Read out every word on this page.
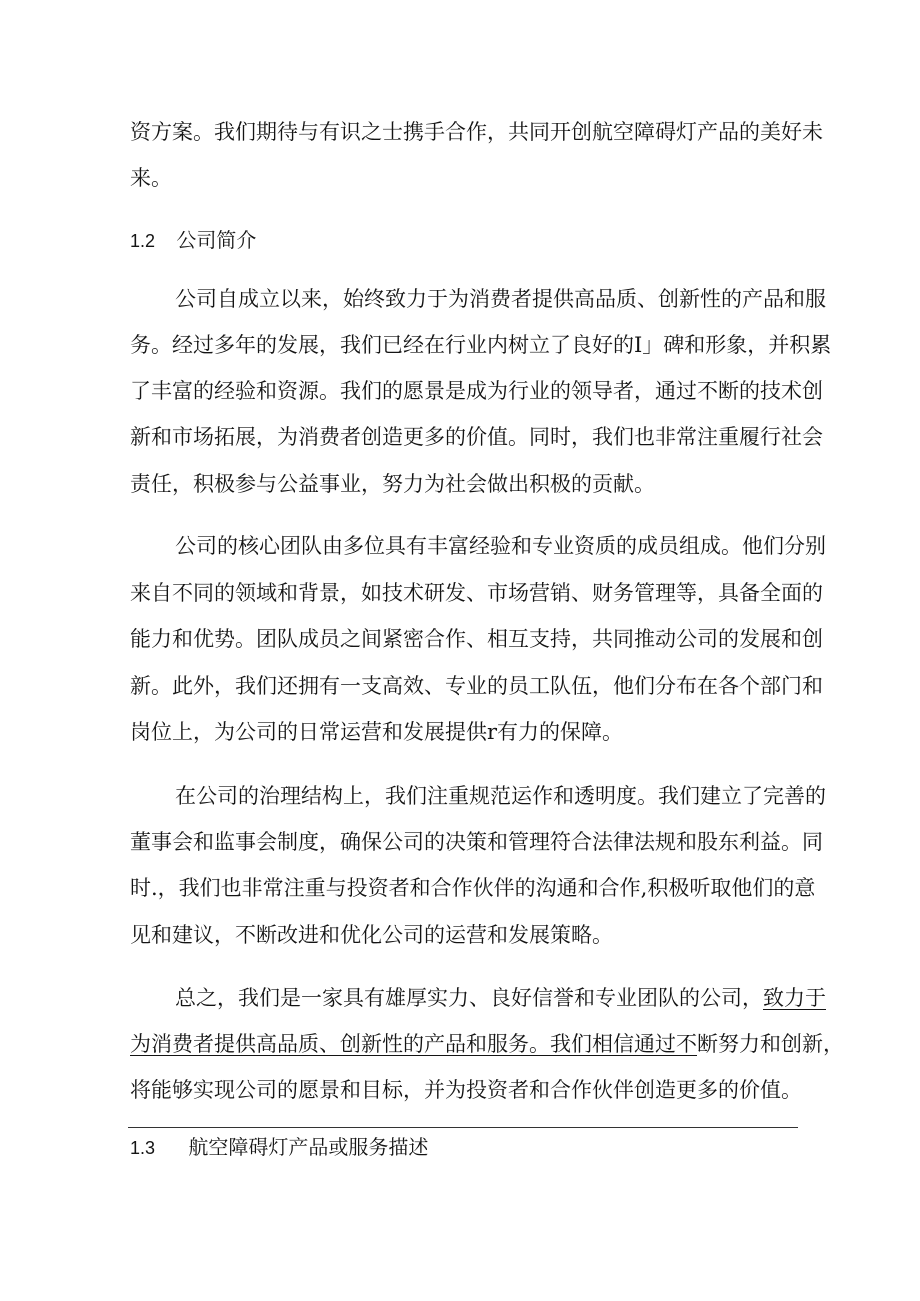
资方案。我们期待与有识之士携手合作，共同开创航空障碍灯产品的美好未
来。
1.2 公司简介
公司自成立以来，始终致力于为消费者提供高品质、创新性的产品和服
务。经过多年的发展，我们已经在行业内树立了良好的I」碑和形象，并积累
了丰富的经验和资源。我们的愿景是成为行业的领导者，通过不断的技术创
新和市场拓展，为消费者创造更多的价值。同时，我们也非常注重履行社会
责任，积极参与公益事业，努力为社会做出积极的贡献。
公司的核心团队由多位具有丰富经验和专业资质的成员组成。他们分别
来自不同的领域和背景，如技术研发、市场营销、财务管理等，具备全面的
能力和优势。团队成员之间紧密合作、相互支持，共同推动公司的发展和创
新。此外，我们还拥有一支高效、专业的员工队伍，他们分布在各个部门和
岗位上，为公司的日常运营和发展提供r有力的保障。
在公司的治理结构上，我们注重规范运作和透明度。我们建立了完善的
董事会和监事会制度，确保公司的决策和管理符合法律法规和股东利益。同
时.，我们也非常注重与投资者和合作伙伴的沟通和合作,积极听取他们的意
见和建议，不断改进和优化公司的运营和发展策略。
总之，我们是一家具有雄厚实力、良好信誉和专业团队的公司，致力于
为消费者提供高品质、创新性的产品和服务。我们相信通过不断努力和创新，
将能够实现公司的愿景和目标，并为投资者和合作伙伴创造更多的价值。
1.3 航空障碍灯产品或服务描述
